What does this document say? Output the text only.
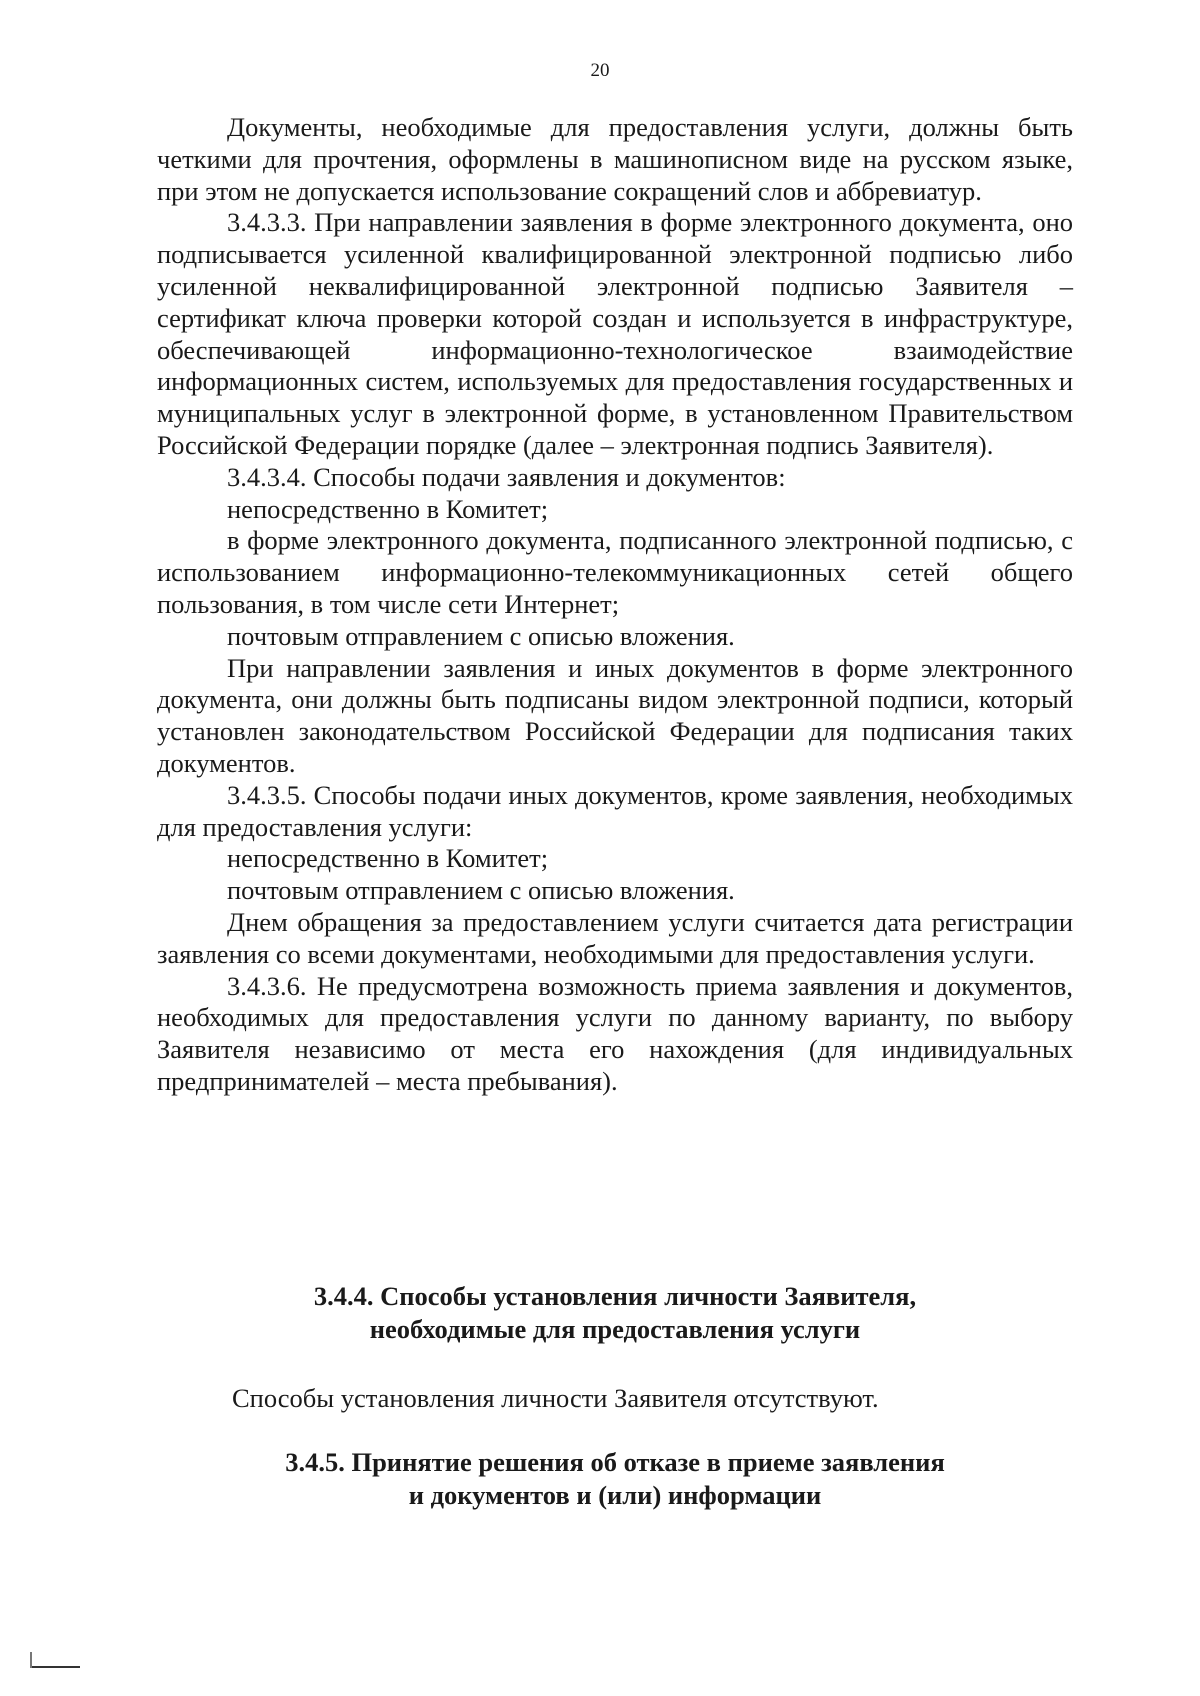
20

Документы, необходимые для предоставления услуги, должны быть четкими для прочтения, оформлены в машинописном виде на русском языке, при этом не допускается использование сокращений слов и аббревиатур.

3.4.3.3. При направлении заявления в форме электронного документа, оно подписывается усиленной квалифицированной электронной подписью либо усиленной неквалифицированной электронной подписью Заявителя – сертификат ключа проверки которой создан и используется в инфраструктуре, обеспечивающей информационно-технологическое взаимодействие информационных систем, используемых для предоставления государственных и муниципальных услуг в электронной форме, в установленном Правительством Российской Федерации порядке (далее – электронная подпись Заявителя).

3.4.3.4. Способы подачи заявления и документов:

непосредственно в Комитет;

в форме электронного документа, подписанного электронной подписью, с использованием информационно-телекоммуникационных сетей общего пользования, в том числе сети Интернет;

почтовым отправлением с описью вложения.

При направлении заявления и иных документов в форме электронного документа, они должны быть подписаны видом электронной подписи, который установлен законодательством Российской Федерации для подписания таких документов.

3.4.3.5. Способы подачи иных документов, кроме заявления, необходимых для предоставления услуги:

непосредственно в Комитет;

почтовым отправлением с описью вложения.

Днем обращения за предоставлением услуги считается дата регистрации заявления со всеми документами, необходимыми для предоставления услуги.

3.4.3.6. Не предусмотрена возможность приема заявления и документов, необходимых для предоставления услуги по данному варианту, по выбору Заявителя независимо от места его нахождения (для индивидуальных предпринимателей – места пребывания).

3.4.4. Способы установления личности Заявителя,
необходимые для предоставления услуги
Способы установления личности Заявителя отсутствуют.
3.4.5. Принятие решения об отказе в приеме заявления
и документов и (или) информации
